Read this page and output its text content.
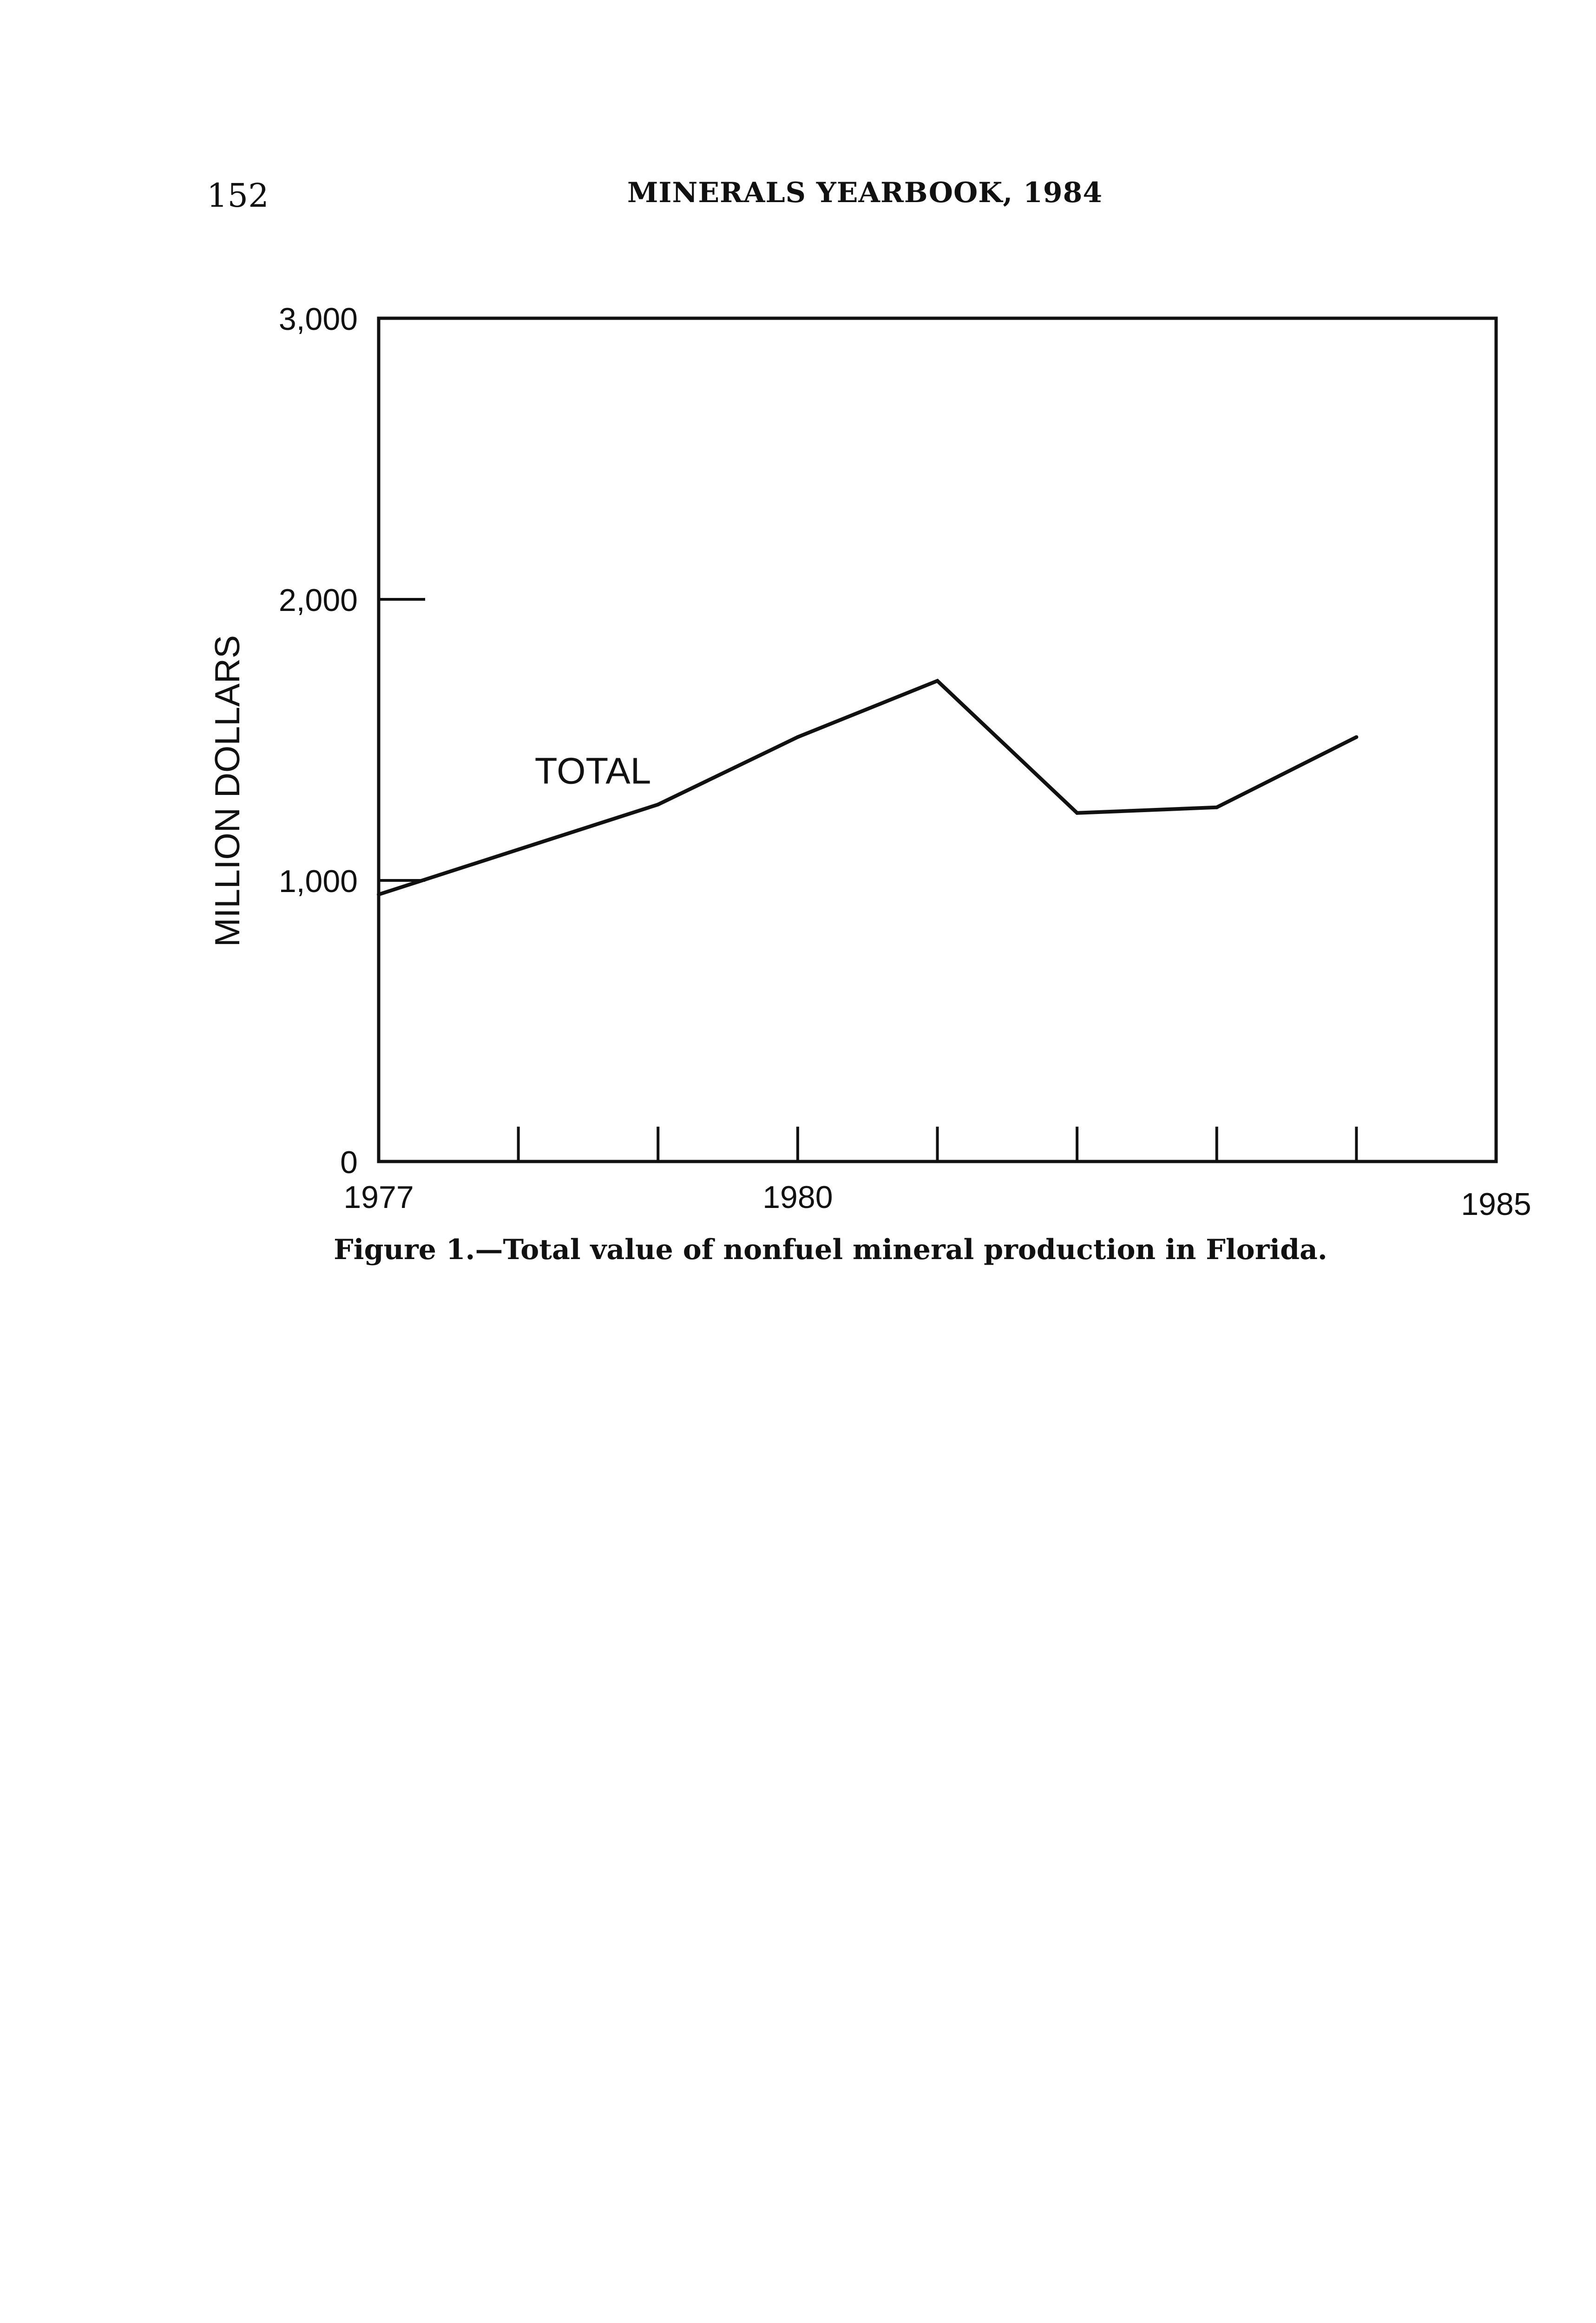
152	MINERALS YEARBOOK, 1984
0
1,000
2,000
3,000
1977	1980	1985
MILLION DOLLARS	TOTAL
Figure 1.—Total value of nonfuel mineral production in Florida.
